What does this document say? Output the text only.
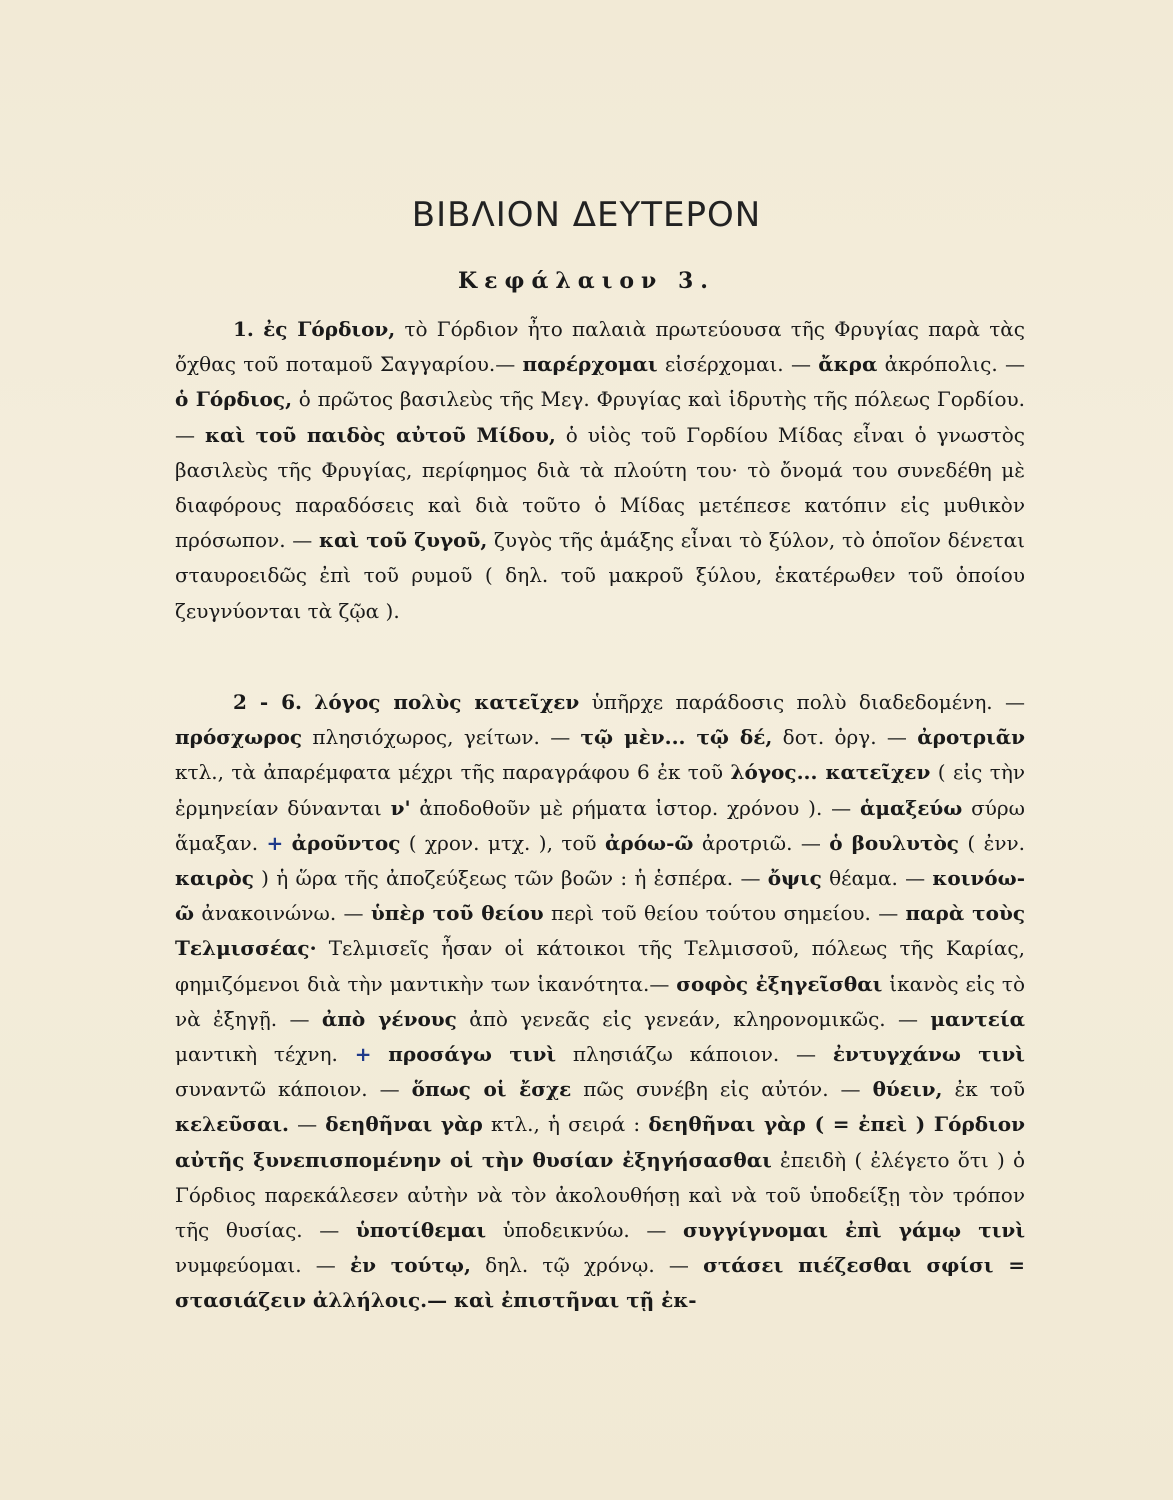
ΒΙΒΛΙΟΝ ΔΕΥΤΕΡΟΝ
Κεφάλαιον 3.

1. ἐς Γόρδιον, τὸ Γόρδιον ἦτο παλαιὰ πρωτεύουσα τῆς Φρυγίας παρὰ τὰς ὄχθας τοῦ ποταμοῦ Σαγγαρίου.— παρέρχομαι εἰσέρχομαι. — ἄκρα ἀκρόπολις. — ὁ Γόρδιος, ὁ πρῶτος βασιλεὺς τῆς Μεγ. Φρυγίας καὶ ἱδρυτὴς τῆς πόλεως Γορδίου.— καὶ τοῦ παιδὸς αὐτοῦ Μίδου, ὁ υἱὸς τοῦ Γορδίου Μίδας εἶναι ὁ γνωστὸς βασιλεὺς τῆς Φρυγίας, περίφημος διὰ τὰ πλούτη του· τὸ ὄνομά του συνεδέθη μὲ διαφόρους παραδόσεις καὶ διὰ τοῦτο ὁ Μίδας μετέπεσε κατόπιν εἰς μυθικὸν πρόσωπον. — καὶ τοῦ ζυγοῦ, ζυγὸς τῆς ἁμάξης εἶναι τὸ ξύλον, τὸ ὁποῖον δένεται σταυροειδῶς ἐπὶ τοῦ ρυμοῦ ( δηλ. τοῦ μακροῦ ξύλου, ἑκατέρωθεν τοῦ ὁποίου ζευγνύονται τὰ ζῷα ).

2 - 6. λόγος πολὺς κατεῖχεν ὑπῆρχε παράδοσις πολὺ διαδεδομένη. — πρόσχωρος πλησιόχωρος, γείτων. — τῷ μὲν... τῷ δέ, δοτ. ὀργ. — ἀροτριᾶν κτλ., τὰ ἀπαρέμφατα μέχρι τῆς παραγράφου 6 ἐκ τοῦ λόγος... κατεῖχεν ( εἰς τὴν ἑρμηνείαν δύνανται ν' ἀποδοθοῦν μὲ ρήματα ἱστορ. χρόνου ). — ἁμαξεύω σύρω ἅμαξαν. + ἀροῦντος ( χρον. μτχ. ), τοῦ ἀρόω-ῶ ἀροτριῶ. — ὁ βουλυτὸς ( ἐνν. καιρὸς ) ἡ ὥρα τῆς ἀποζεύξεως τῶν βοῶν : ἡ ἑσπέρα. — ὄψις θέαμα. — κοινόω-ῶ ἀνακοινώνω. — ὑπὲρ τοῦ θείου περὶ τοῦ θείου τούτου σημείου. — παρὰ τοὺς Τελμισσέας· Τελμισεῖς ἦσαν οἱ κάτοικοι τῆς Τελμισσοῦ, πόλεως τῆς Καρίας, φημιζόμενοι διὰ τὴν μαντικὴν των ἱκανότητα.— σοφὸς ἐξηγεῖσθαι ἱκανὸς εἰς τὸ νὰ ἐξηγῇ. — ἀπὸ γένους ἀπὸ γενεᾶς εἰς γενεάν, κληρονομικῶς. — μαντεία μαντικὴ τέχνη. + προσάγω τινὶ πλησιάζω κάποιον. — ἐντυγχάνω τινὶ συναντῶ κάποιον. — ὅπως οἱ ἔσχε πῶς συνέβη εἰς αὐτόν. — θύειν, ἐκ τοῦ κελεῦσαι. — δεηθῆναι γὰρ κτλ., ἡ σειρά : δεηθῆναι γὰρ ( = ἐπεὶ ) Γόρδιον αὐτῆς ξυνεπισπομένην οἱ τὴν θυσίαν ἐξηγήσασθαι ἐπειδὴ ( ἐλέγετο ὅτι ) ὁ Γόρδιος παρεκάλεσεν αὐτὴν νὰ τὸν ἀκολουθήσῃ καὶ νὰ τοῦ ὑποδείξῃ τὸν τρόπον τῆς θυσίας. — ὑποτίθεμαι ὑποδεικνύω. — συγγίγνομαι ἐπὶ γάμῳ τινὶ νυμφεύομαι. — ἐν τούτῳ, δηλ. τῷ χρόνῳ. — στάσει πιέζεσθαι σφίσι = στασιάζειν ἀλλήλοις.— καὶ ἐπιστῆναι τῇ ἐκ-
